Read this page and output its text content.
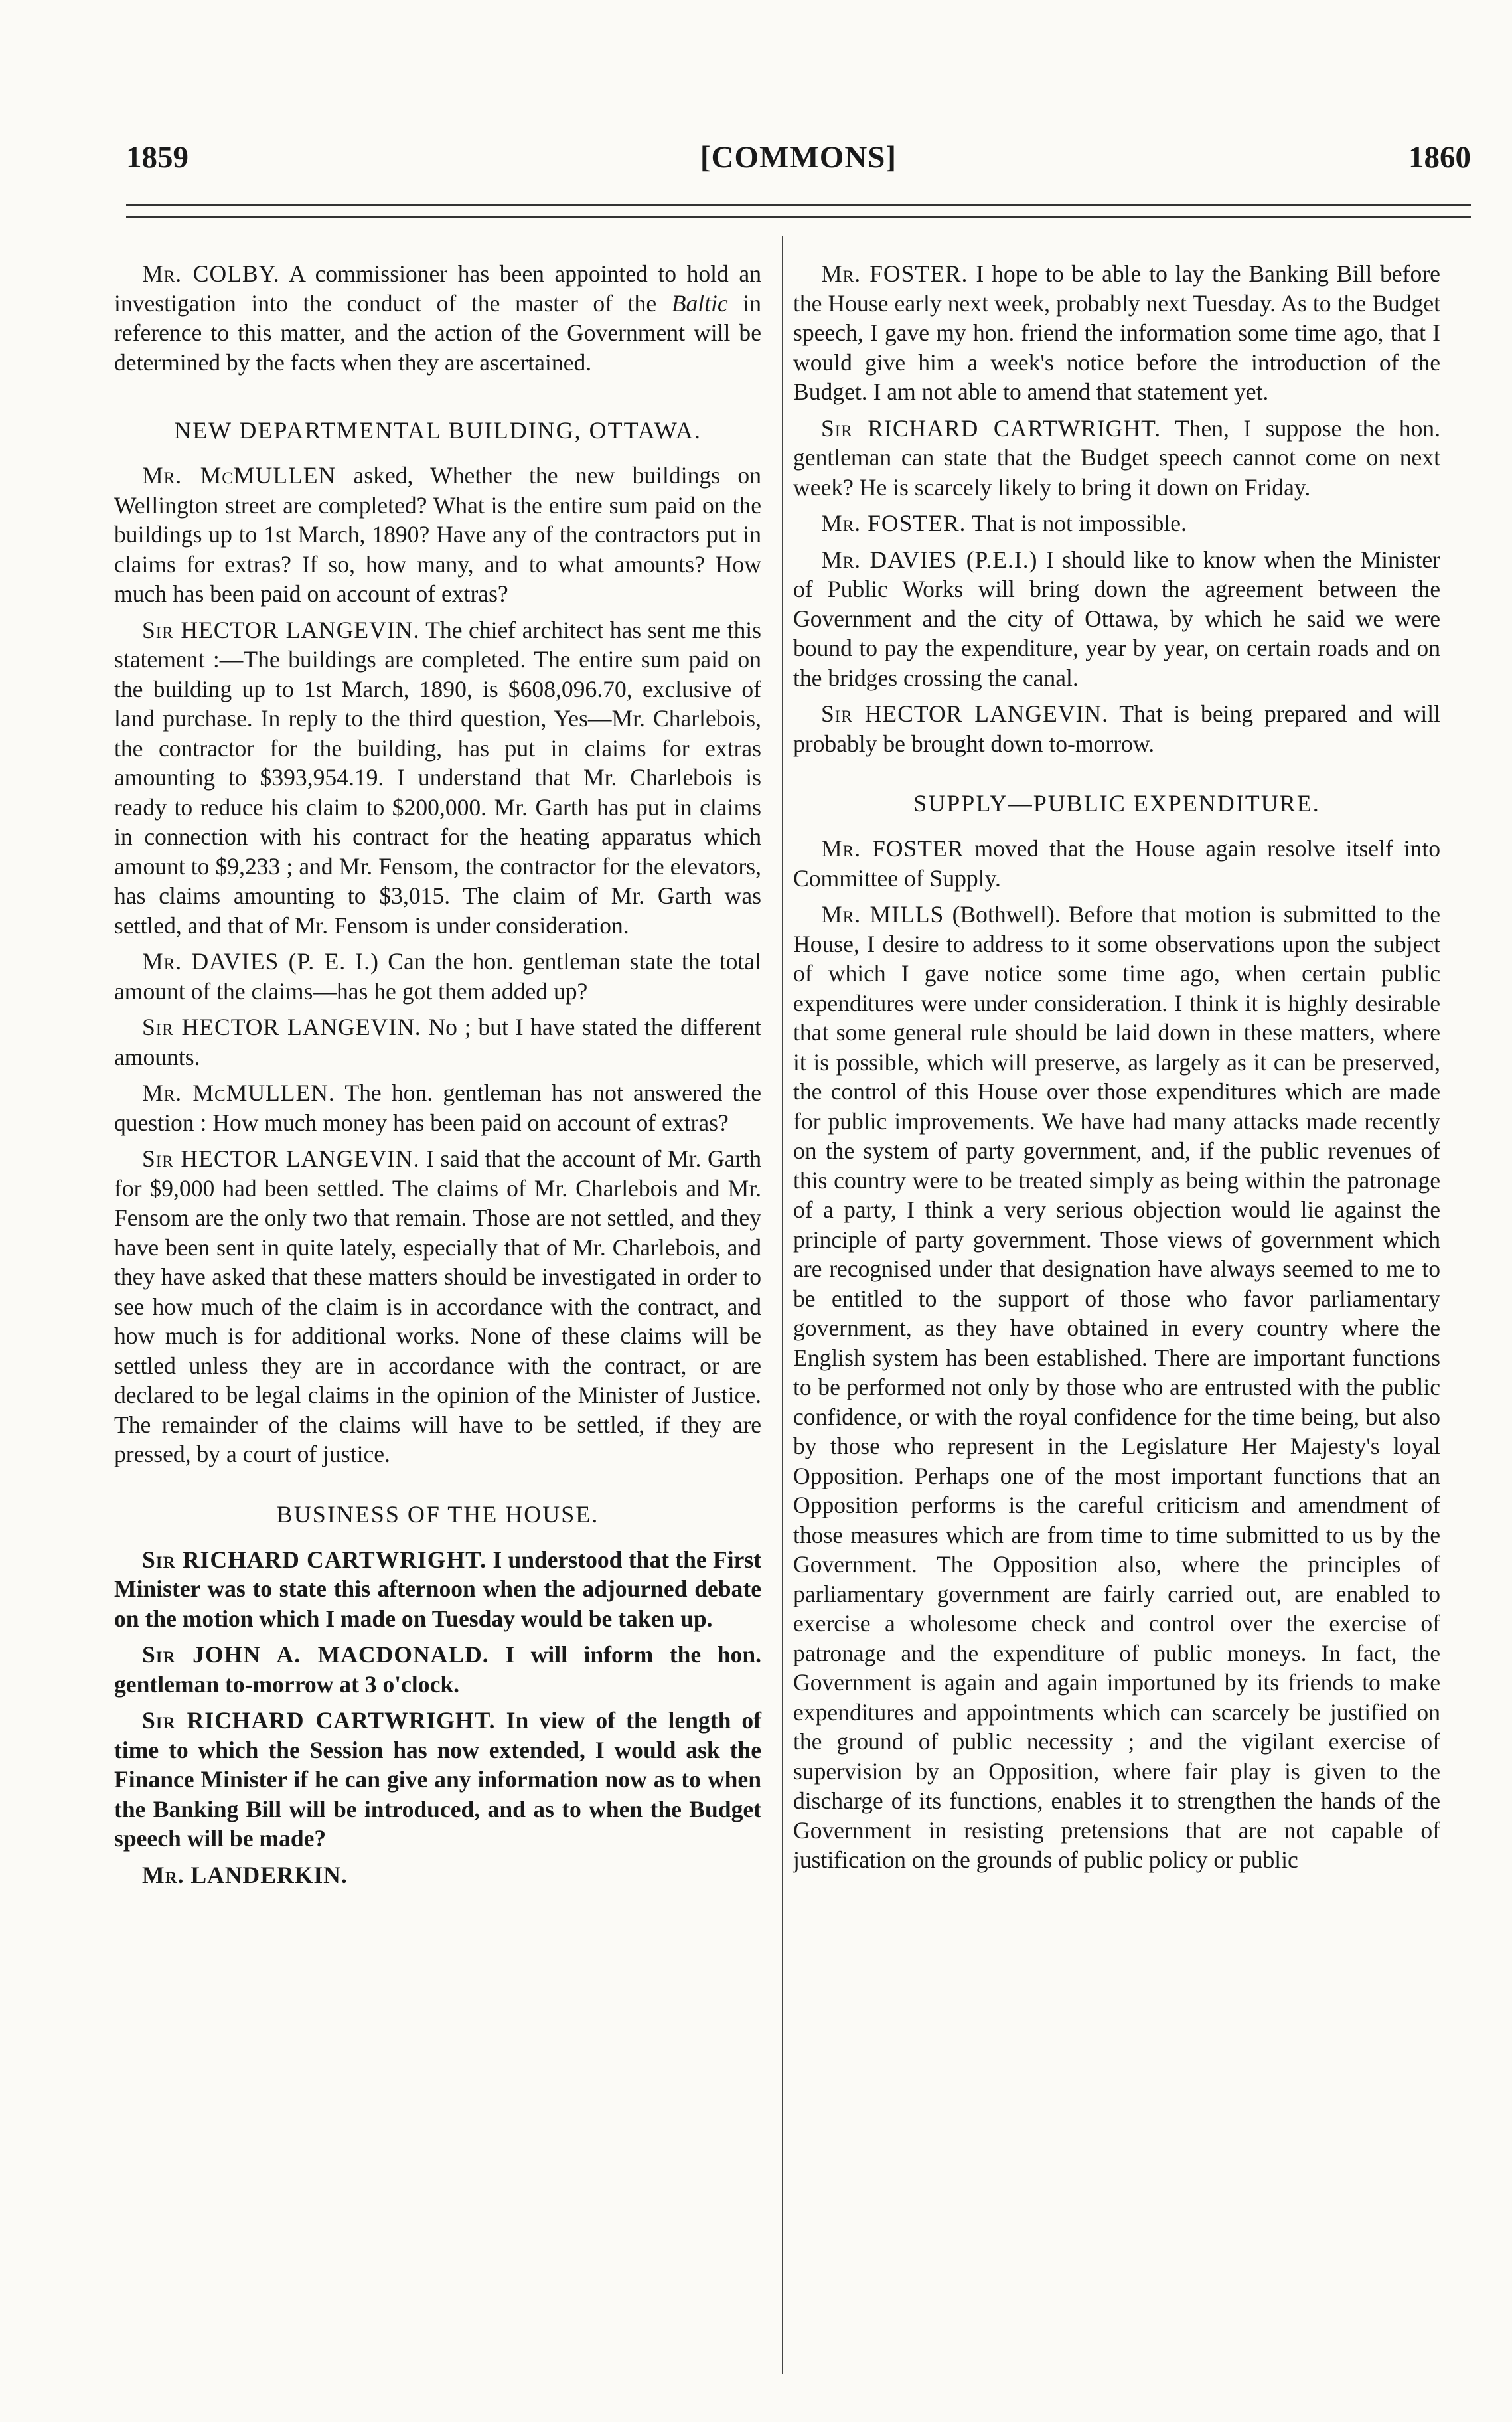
1859	[COMMONS]	1860

Mr. COLBY. A commissioner has been appointed to hold an investigation into the conduct of the master of the Baltic in reference to this matter, and the action of the Government will be determined by the facts when they are ascertained.

NEW DEPARTMENTAL BUILDING, OTTAWA.

Mr. McMULLEN asked, Whether the new buildings on Wellington street are completed? What is the entire sum paid on the buildings up to 1st March, 1890? Have any of the contractors put in claims for extras? If so, how many, and to what amounts? How much has been paid on account of extras?

Sir HECTOR LANGEVIN. The chief architect has sent me this statement :—The buildings are completed. The entire sum paid on the building up to 1st March, 1890, is $608,096.70, exclusive of land purchase. In reply to the third question, Yes—Mr. Charlebois, the contractor for the building, has put in claims for extras amounting to $393,954.19. I understand that Mr. Charlebois is ready to reduce his claim to $200,000. Mr. Garth has put in claims in connection with his contract for the heating apparatus which amount to $9,233 ; and Mr. Fensom, the contractor for the elevators, has claims amounting to $3,015. The claim of Mr. Garth was settled, and that of Mr. Fensom is under consideration.

Mr. DAVIES (P. E. I.) Can the hon. gentleman state the total amount of the claims—has he got them added up?

Sir HECTOR LANGEVIN. No ; but I have stated the different amounts.

Mr. McMULLEN. The hon. gentleman has not answered the question : How much money has been paid on account of extras?

Sir HECTOR LANGEVIN. I said that the account of Mr. Garth for $9,000 had been settled. The claims of Mr. Charlebois and Mr. Fensom are the only two that remain. Those are not settled, and they have been sent in quite lately, especially that of Mr. Charlebois, and they have asked that these matters should be investigated in order to see how much of the claim is in accordance with the contract, and how much is for additional works. None of these claims will be settled unless they are in accordance with the contract, or are declared to be legal claims in the opinion of the Minister of Justice. The remainder of the claims will have to be settled, if they are pressed, by a court of justice.

BUSINESS OF THE HOUSE.

Sir RICHARD CARTWRIGHT. I understood that the First Minister was to state this afternoon when the adjourned debate on the motion which I made on Tuesday would be taken up.

Sir JOHN A. MACDONALD. I will inform the hon. gentleman to-morrow at 3 o'clock.

Sir RICHARD CARTWRIGHT. In view of the length of time to which the Session has now extended, I would ask the Finance Minister if he can give any information now as to when the Banking Bill will be introduced, and as to when the Budget speech will be made?

Mr. LANDERKIN.

Mr. FOSTER. I hope to be able to lay the Banking Bill before the House early next week, probably next Tuesday. As to the Budget speech, I gave my hon. friend the information some time ago, that I would give him a week's notice before the introduction of the Budget. I am not able to amend that statement yet.

Sir RICHARD CARTWRIGHT. Then, I suppose the hon. gentleman can state that the Budget speech cannot come on next week? He is scarcely likely to bring it down on Friday.

Mr. FOSTER. That is not impossible.

Mr. DAVIES (P.E.I.) I should like to know when the Minister of Public Works will bring down the agreement between the Government and the city of Ottawa, by which he said we were bound to pay the expenditure, year by year, on certain roads and on the bridges crossing the canal.

Sir HECTOR LANGEVIN. That is being prepared and will probably be brought down to-morrow.

SUPPLY—PUBLIC EXPENDITURE.

Mr. FOSTER moved that the House again resolve itself into Committee of Supply.

Mr. MILLS (Bothwell). Before that motion is submitted to the House, I desire to address to it some observations upon the subject of which I gave notice some time ago, when certain public expenditures were under consideration. I think it is highly desirable that some general rule should be laid down in these matters, where it is possible, which will preserve, as largely as it can be preserved, the control of this House over those expenditures which are made for public improvements. We have had many attacks made recently on the system of party government, and, if the public revenues of this country were to be treated simply as being within the patronage of a party, I think a very serious objection would lie against the principle of party government. Those views of government which are recognised under that designation have always seemed to me to be entitled to the support of those who favor parliamentary government, as they have obtained in every country where the English system has been established. There are important functions to be performed not only by those who are entrusted with the public confidence, or with the royal confidence for the time being, but also by those who represent in the Legislature Her Majesty's loyal Opposition. Perhaps one of the most important functions that an Opposition performs is the careful criticism and amendment of those measures which are from time to time submitted to us by the Government. The Opposition also, where the principles of parliamentary government are fairly carried out, are enabled to exercise a wholesome check and control over the exercise of patronage and the expenditure of public moneys. In fact, the Government is again and again importuned by its friends to make expenditures and appointments which can scarcely be justified on the ground of public necessity ; and the vigilant exercise of supervision by an Opposition, where fair play is given to the discharge of its functions, enables it to strengthen the hands of the Government in resisting pretensions that are not capable of justification on the grounds of public policy or public
